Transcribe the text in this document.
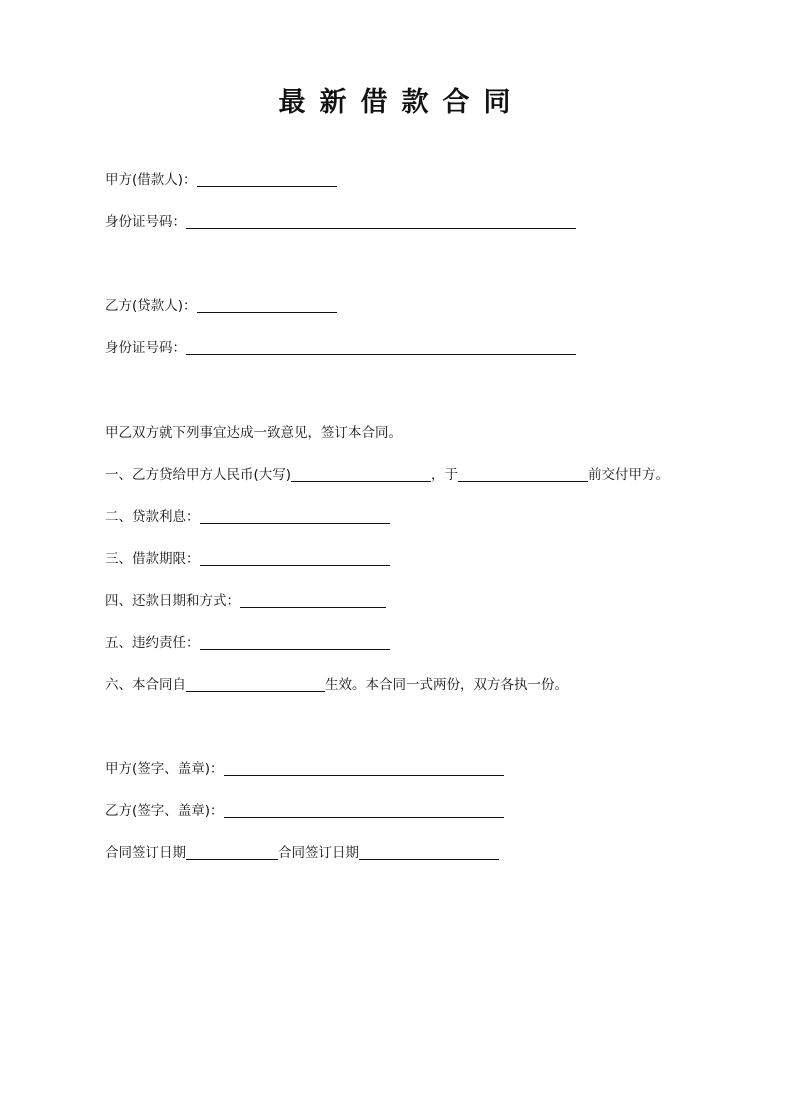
最新借款合同
甲方(借款人)：
身份证号码：
乙方(贷款人)：
身份证号码：
甲乙双方就下列事宜达成一致意见，签订本合同。
一、乙方贷给甲方人民币(大写)	，于	前交付甲方。
二、贷款利息：
三、借款期限：
四、还款日期和方式：
五、违约责任：
六、本合同自	生效。本合同一式两份，双方各执一份。
甲方(签字、盖章)：
乙方(签字、盖章)：
合同签订日期	合同签订日期
